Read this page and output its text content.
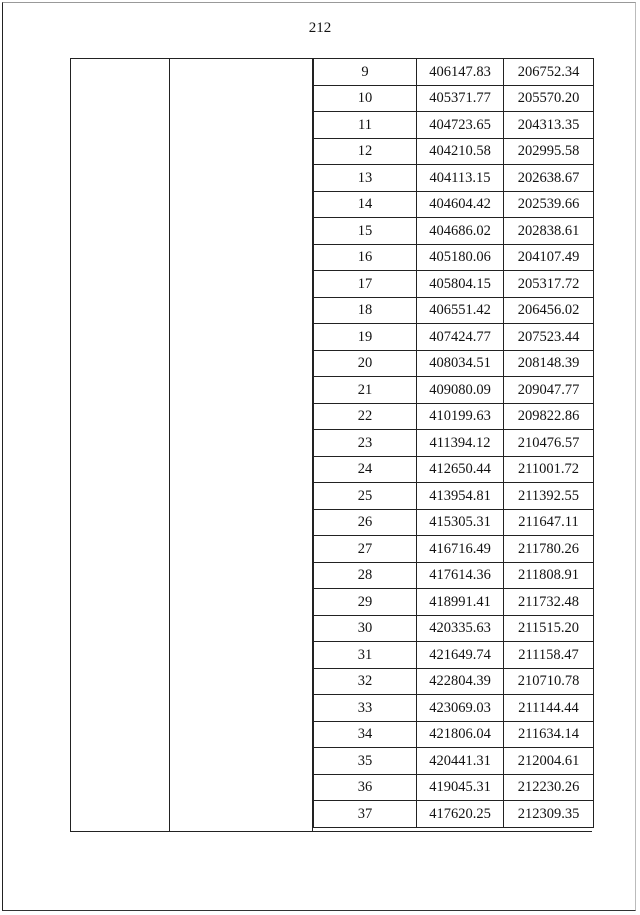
212
9	406147.83	206752.34
10	405371.77	205570.20
11	404723.65	204313.35
12	404210.58	202995.58
13	404113.15	202638.67
14	404604.42	202539.66
15	404686.02	202838.61
16	405180.06	204107.49
17	405804.15	205317.72
18	406551.42	206456.02
19	407424.77	207523.44
20	408034.51	208148.39
21	409080.09	209047.77
22	410199.63	209822.86
23	411394.12	210476.57
24	412650.44	211001.72
25	413954.81	211392.55
26	415305.31	211647.11
27	416716.49	211780.26
28	417614.36	211808.91
29	418991.41	211732.48
30	420335.63	211515.20
31	421649.74	211158.47
32	422804.39	210710.78
33	423069.03	211144.44
34	421806.04	211634.14
35	420441.31	212004.61
36	419045.31	212230.26
37	417620.25	212309.35
